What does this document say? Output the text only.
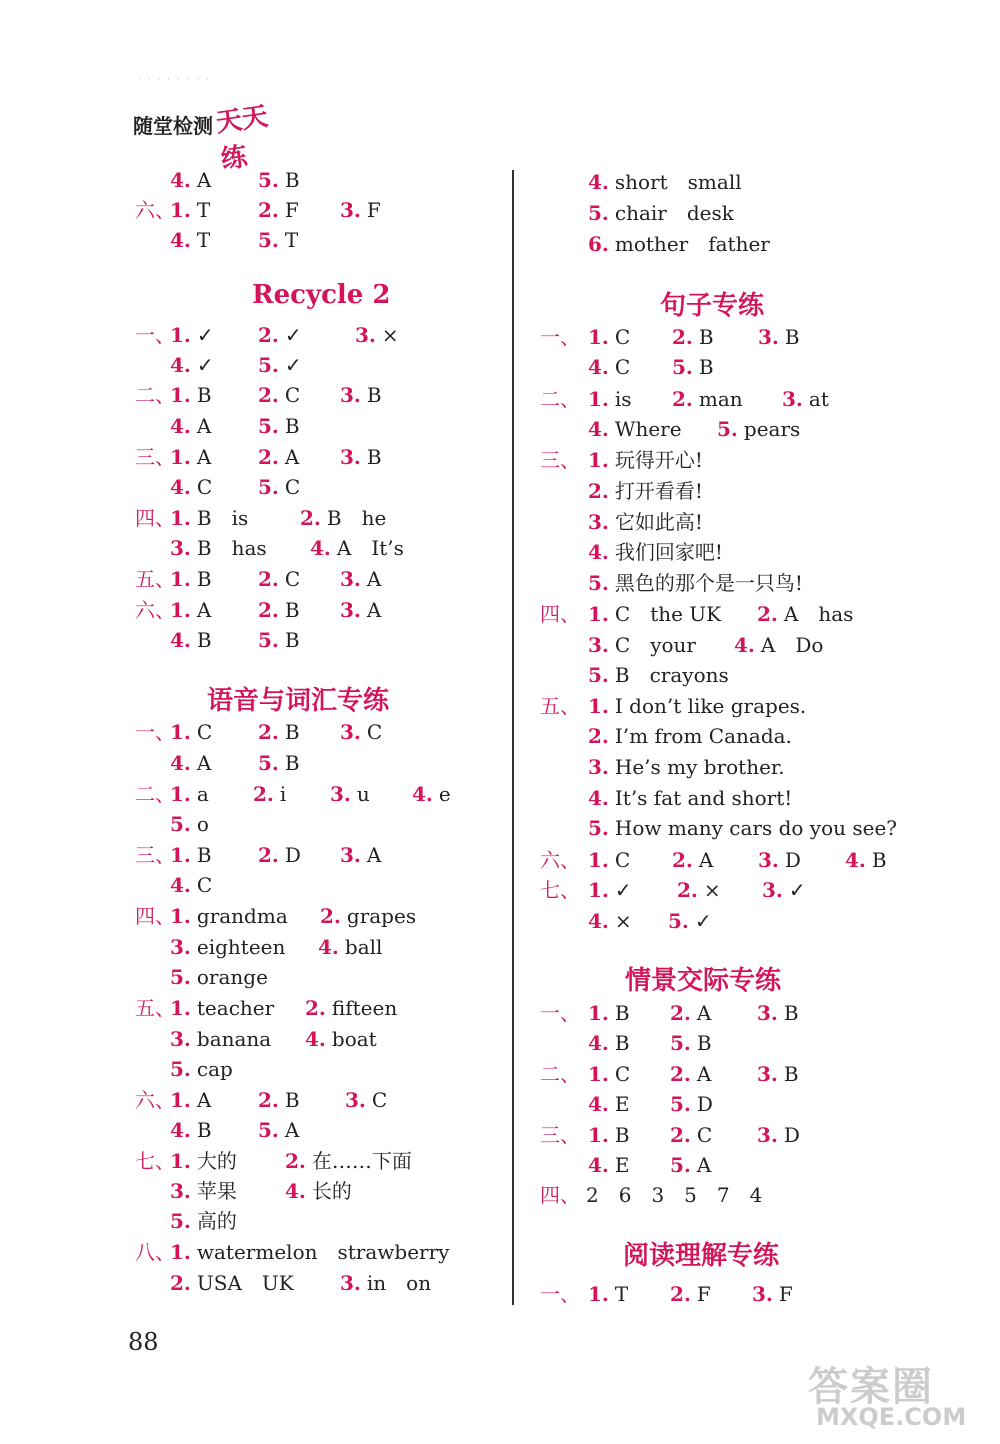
· · · · · · · ·
随堂检测 天天练
4. A 5. B
六、
1. T 2. F 3. F
4. T 5. T
Recycle 2
一、
1. ✓ 2. ✓	3. ×
4. ✓ 5. ✓
二、
1. B 2. C 3. B
4. A 5. B
三、
1. A 2. A 3. B
4. C 5. C
四、
1. B　is	2. B　he
3. B　has 4. A　It’s
五、
1. B 2. C 3. A
六、
1. A 2. B 3. A
4. B 5. B
语音与词汇专练
一、
1. C 2. B 3. C
4. A 5. B
二、
1. a 2. i 3. u 4. e
5. o
三、
1. B 2. D 3. A
4. C
四、
1. grandma 2. grapes
3. eighteen 4. ball
5. orange
五、
1. teacher 2. fifteen
3. banana 4. boat
5. cap
六、
1. A 2. B 3. C
4. B 5. A
七、
1. 大的 2. 在……下面
3. 苹果 4. 长的
5. 高的
八、
1. watermelon　strawberry
2. USA　UK 3. in　on
4. short　small
5. chair　desk
6. mother　father
句子专练
一、 1. C 2. B 3. B
4. C 5. B
二、 1. is 2. man 3. at
4. Where 5. pears
三、 1. 玩得开心!
2. 打开看看!
3. 它如此高!
4. 我们回家吧!
5. 黑色的那个是一只鸟!
四、 1. C　the UK 2. A　has
3. C　your 4. A　Do
5. B　crayons
五、 1. I don’t like grapes.
2. I’m from Canada.
3. He’s my brother.
4. It’s fat and short!
5. How many cars do you see?
六、 1. C 2. A 3. D 4. B
七、 1. ✓ 2. × 3. ✓
4. × 5. ✓
情景交际专练
一、 1. B 2. A 3. B
4. B 5. B
二、 1. C 2. A 3. B
4. E 5. D
三、 1. B 2. C 3. D
4. E 5. A
四、 2　6　3　5　7　4
阅读理解专练
一、 1. T 2. F 3. F
88
答案圈
MXQE.COM
